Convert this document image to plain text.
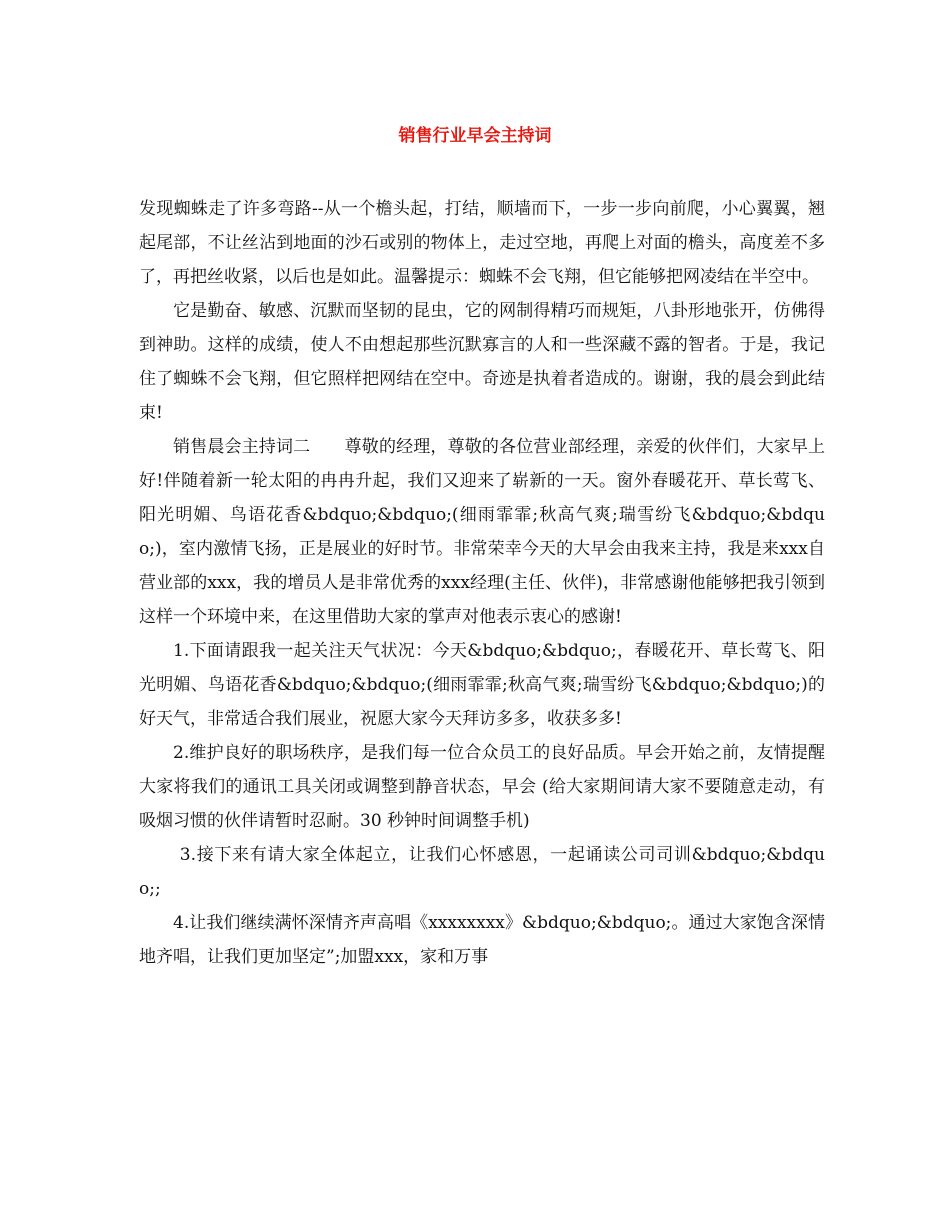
销售行业早会主持词

发现蜘蛛走了许多弯路--从一个檐头起，打结，顺墙而下，一步一步向前爬，小心翼翼，翘起尾部，不让丝沾到地面的沙石或别的物体上，走过空地，再爬上对面的檐头，高度差不多了，再把丝收紧，以后也是如此。温馨提示：蜘蛛不会飞翔，但它能够把网凌结在半空中。

它是勤奋、敏感、沉默而坚韧的昆虫，它的网制得精巧而规矩，八卦形地张开，仿佛得到神助。这样的成绩，使人不由想起那些沉默寡言的人和一些深藏不露的智者。于是，我记住了蜘蛛不会飞翔，但它照样把网结在空中。奇迹是执着者造成的。谢谢，我的晨会到此结束!

销售晨会主持词二　　尊敬的经理，尊敬的各位营业部经理，亲爱的伙伴们，大家早上好!伴随着新一轮太阳的冉冉升起，我们又迎来了崭新的一天。窗外春暖花开、草长莺飞、阳光明媚、鸟语花香&bdquo;&bdquo;(细雨霏霏;秋高气爽;瑞雪纷飞&bdquo;&bdquo;)，室内激情飞扬，正是展业的好时节。非常荣幸今天的大早会由我来主持，我是来xxx自营业部的xxx，我的增员人是非常优秀的xxx经理(主任、伙伴)，非常感谢他能够把我引领到这样一个环境中来，在这里借助大家的掌声对他表示衷心的感谢!

1.下面请跟我一起关注天气状况：今天&bdquo;&bdquo;，春暖花开、草长莺飞、阳光明媚、鸟语花香&bdquo;&bdquo;(细雨霏霏;秋高气爽;瑞雪纷飞&bdquo;&bdquo;)的好天气，非常适合我们展业，祝愿大家今天拜访多多，收获多多!

2.维护良好的职场秩序，是我们每一位合众员工的良好品质。早会开始之前，友情提醒大家将我们的通讯工具关闭或调整到静音状态，早会 (给大家期间请大家不要随意走动，有吸烟习惯的伙伴请暂时忍耐。30 秒钟时间调整手机)

3.接下来有请大家全体起立，让我们心怀感恩，一起诵读公司司训&bdquo;&bdquo;;

4.让我们继续满怀深情齐声高唱《xxxxxxxx》&bdquo;&bdquo;。通过大家饱含深情地齐唱，让我们更加坚定”;加盟xxx，家和万事
